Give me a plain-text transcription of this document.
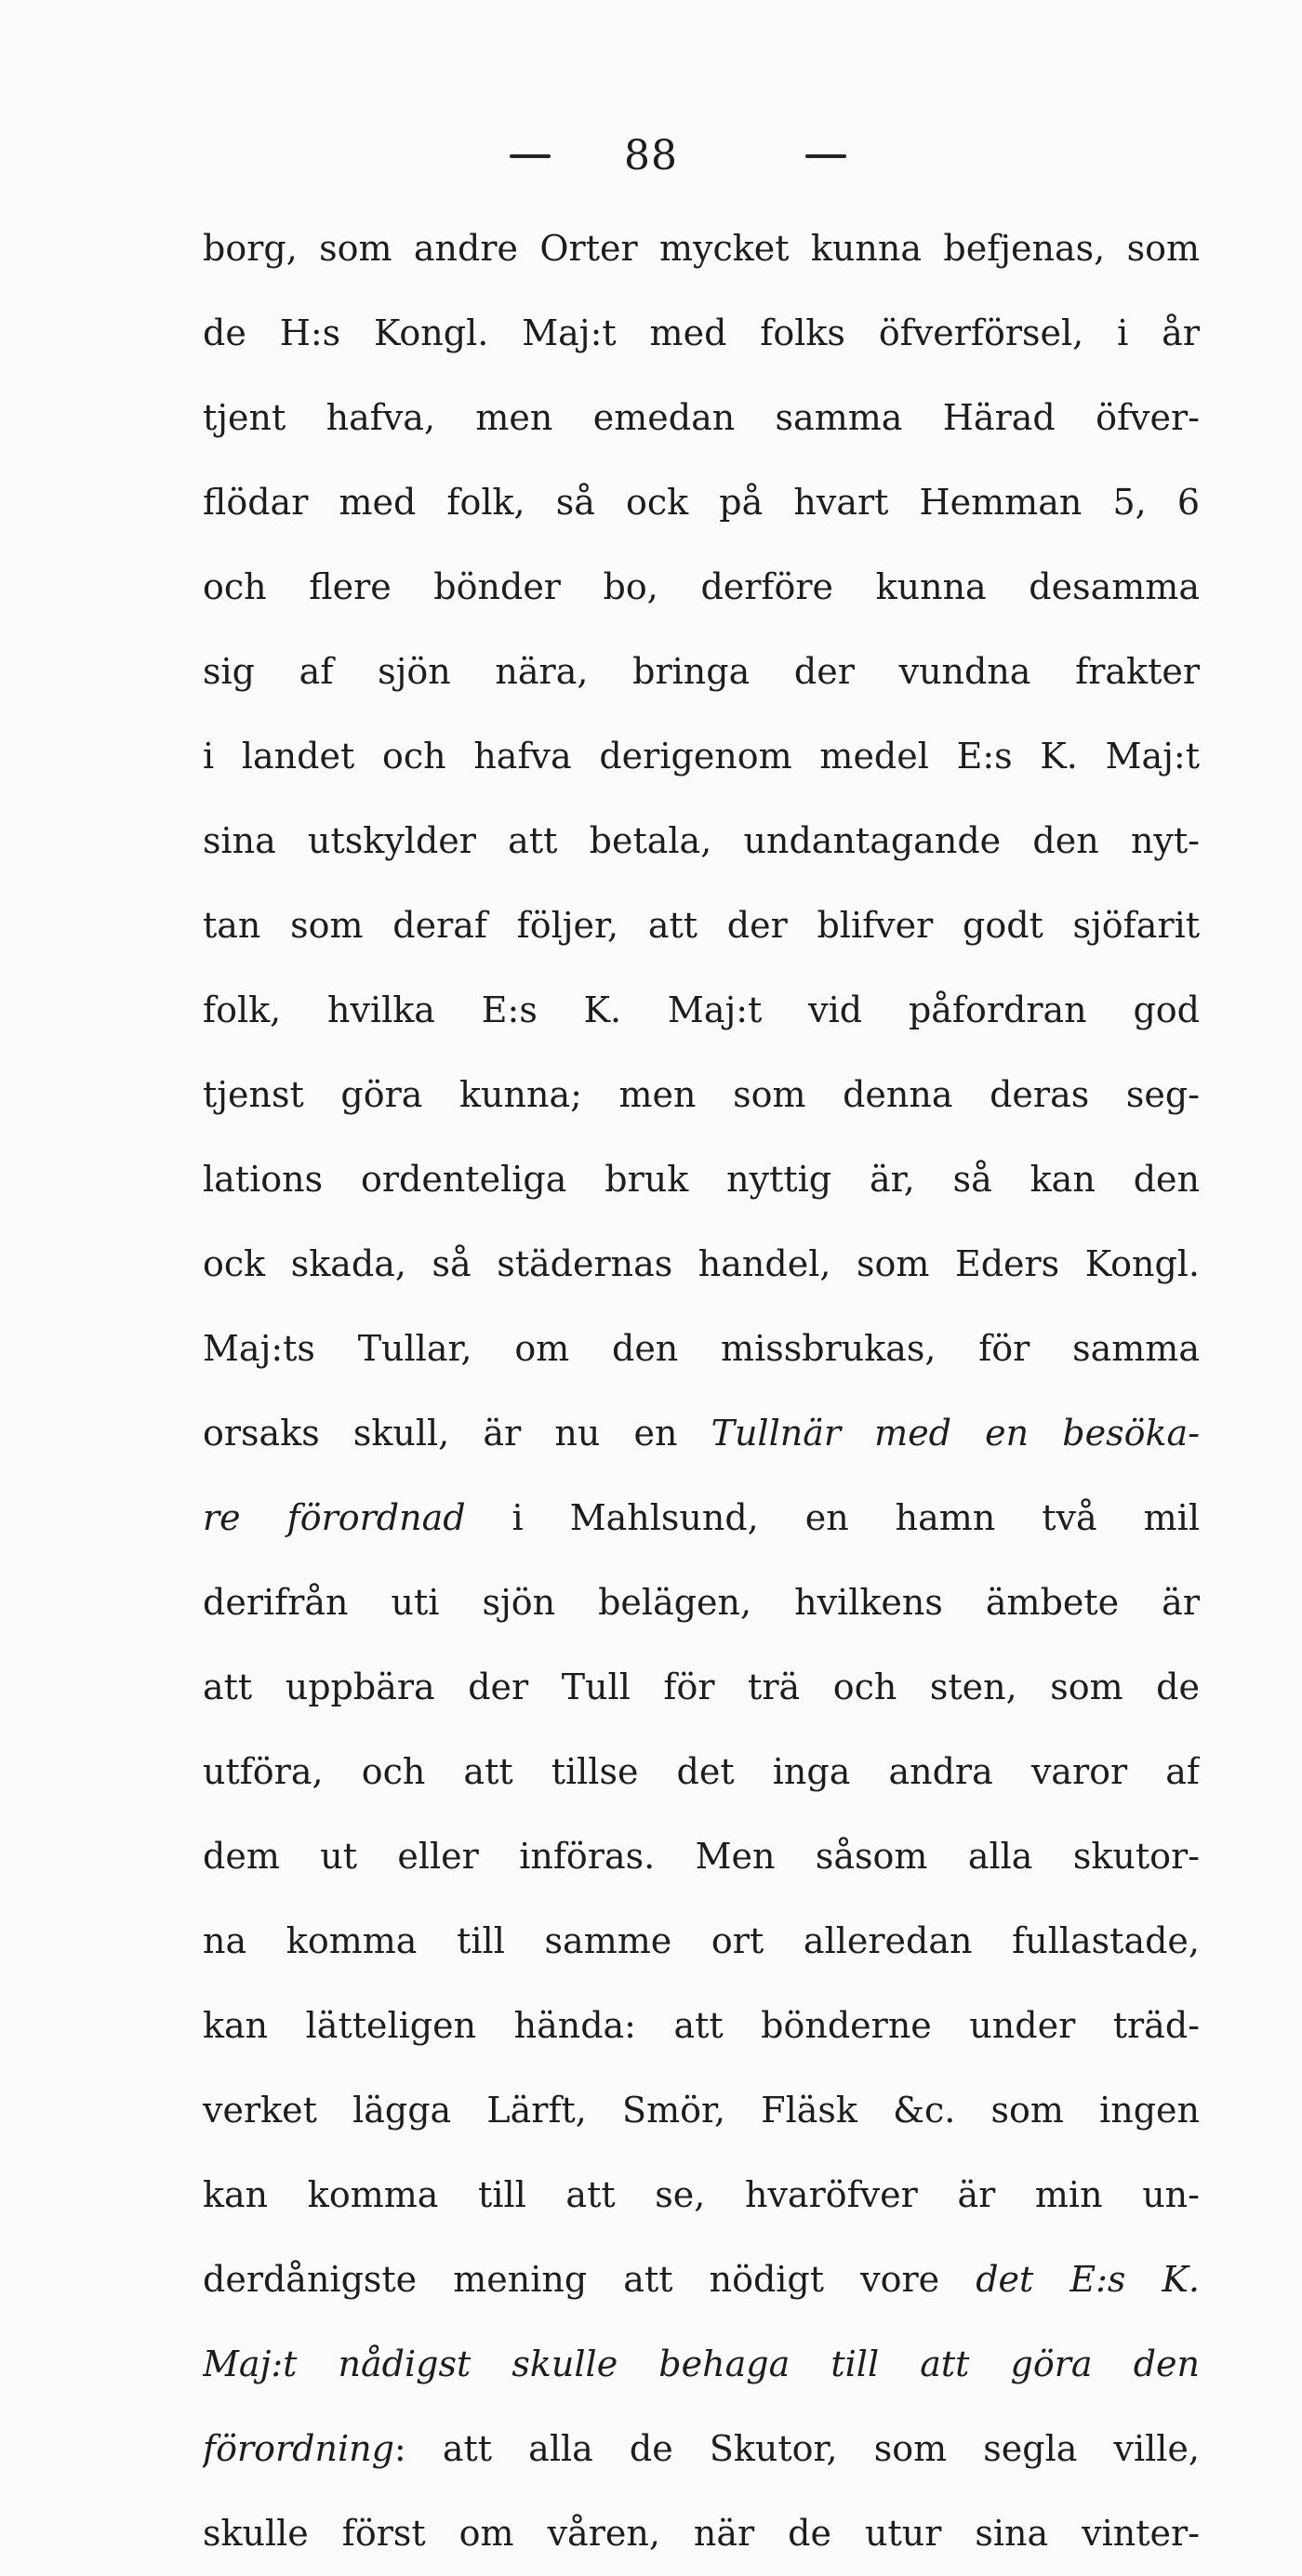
88
borg, som andre Orter mycket kunna befjenas, som
de H:s Kongl. Maj:t med folks öfverförsel, i år
tjent hafva, men emedan samma Härad öfver-
flödar med folk, så ock på hvart Hemman 5, 6
och flere bönder bo, derföre kunna desamma
sig af sjön nära, bringa der vundna frakter
i landet och hafva derigenom medel E:s K. Maj:t
sina utskylder att betala, undantagande den nyt-
tan som deraf följer, att der blifver godt sjöfarit
folk, hvilka E:s K. Maj:t vid påfordran god
tjenst göra kunna; men som denna deras seg-
lations ordenteliga bruk nyttig är, så kan den
ock skada, så städernas handel, som Eders Kongl.
Maj:ts Tullar, om den missbrukas, för samma
orsaks skull, är nu en Tullnär med en besöka-
re förordnad i Mahlsund, en hamn två mil
derifrån uti sjön belägen, hvilkens ämbete är
att uppbära der Tull för trä och sten, som de
utföra, och att tillse det inga andra varor af
dem ut eller införas. Men såsom alla skutor-
na komma till samme ort alleredan fullastade,
kan lätteligen hända: att bönderne under träd-
verket lägga Lärft, Smör, Fläsk &c. som ingen
kan komma till att se, hvaröfver är min un-
derdånigste mening att nödigt vore det E:s K.
Maj:t nådigst skulle behaga till att göra den
förordning: att alla de Skutor, som segla ville,
skulle först om våren, när de utur sina vinter-
